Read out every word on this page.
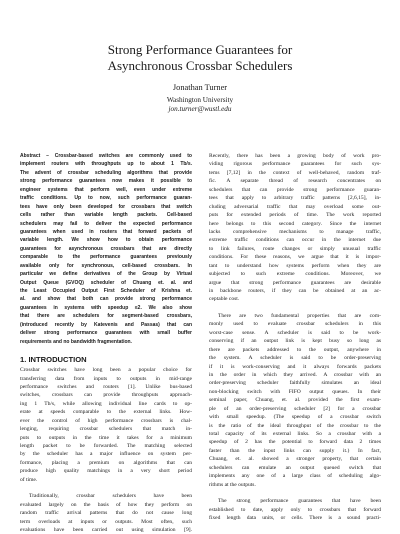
Strong Performance Guarantees for
Asynchronous Crossbar Schedulers
Jonathan Turner
Washington University
jon.turner@wustl.edu
Abstract – Crossbar-based switches are commonly used to
implement routers with throughputs up to about 1 Tb/s.
The advent of crossbar scheduling algorithms that provide
strong performance guarantees now makes it possible to
engineer systems that perform well, even under extreme
traffic conditions. Up to now, such performance guaran-
tees have only been developed for crossbars that switch
cells rather than variable length packets. Cell-based
schedulers may fail to deliver the expected performance
guarantees when used in routers that forward packets of
variable length. We show how to obtain performance
guarantees for asynchronous crossbars that are directly
comparable to the performance guarantees previously
available only for synchronous, cell-based crossbars. In
particular we define derivatives of the Group by Virtual
Output Queue (GVOQ) scheduler of Chuang et. al. and
the Least Occupied Output First Scheduler of Krishna et.
al. and show that both can provide strong performance
guarantees in systems with speedup ≤2. We also show
that there are schedulers for segment-based crossbars,
(introduced recently by Katevenis and Passas) that can
deliver strong performance guarantees with small buffer
requirements and no bandwidth fragmentation.
1. INTRODUCTION
Crossbar switches have long been a popular choice for
transferring data from inputs to outputs in mid-range
performance switches and routers [1]. Unlike bus-based
switches, crossbars can provide throughputs approach-
ing 1 Tb/s, while allowing individual line cards to op-
erate at speeds comparable to the external links. How-
ever the control of high performance crossbars is chal-
lenging, requiring crossbar schedulers that match in-
puts to outputs in the time it takes for a minimum
length packet to be forwarded. The matching selected
by the scheduler has a major influence on system per-
formance, placing a premium on algorithms that can
produce high quality matchings in a very short period
of time.
Traditionally, crossbar schedulers have been
evaluated largely on the basis of how they perform on
random traffic arrival patterns that do not cause long
term overloads at inputs or outputs. Most often, such
evaluations have been carried out using simulation [9].
Recently, there has been a growing body of work pro-
viding rigorous performance guarantees for such sys-
tems [7,12] in the context of well-behaved, random traf-
fic. A separate thread of research concentrates on
schedulers that can provide strong performance guaran-
tees that apply to arbitrary traffic patterns [2,6,15], in-
cluding adversarial traffic that may overload some out-
puts for extended periods of time. The work reported
here belongs to this second category. Since the internet
lacks comprehensive mechanisms to manage traffic,
extreme traffic conditions can occur in the internet due
to link failures, route changes or simply unusual traffic
conditions. For these reasons, we argue that it is impor-
tant to understand how systems perform when they are
subjected to such extreme conditions. Moreover, we
argue that strong performance guarantees are desirable
in backbone routers, if they can be obtained at an ac-
ceptable cost.
There are two fundamental properties that are com-
monly used to evaluate crossbar schedulers in this
worst-case sense. A scheduler is said to be work-
conserving if an output link is kept busy so long as
there are packets addressed to the output, anywhere in
the system. A scheduler is said to be order-preserving
if it is work-conserving and it always forwards packets
in the order in which they arrived. A crossbar with an
order-preserving scheduler faithfully simulates an ideal
non-blocking switch with FIFO output queues. In their
seminal paper, Chuang, et. al. provided the first exam-
ple of an order-preserving scheduler [2] for a crossbar
with small speedup. (The speedup of a crossbar switch
is the ratio of the ideal throughput of the crossbar to the
total capacity of its external links. So a crossbar with a
speedup of 2 has the potential to forward data 2 times
faster than the input links can supply it.) In fact,
Chuang, et. al. showed a stronger property, that certain
schedulers can emulate an output queued switch that
implements any one of a large class of scheduling algo-
rithms at the outputs.
The strong performance guarantees that have been
established to date, apply only to crossbars that forward
fixed length data units, or cells. There is a sound practi-
